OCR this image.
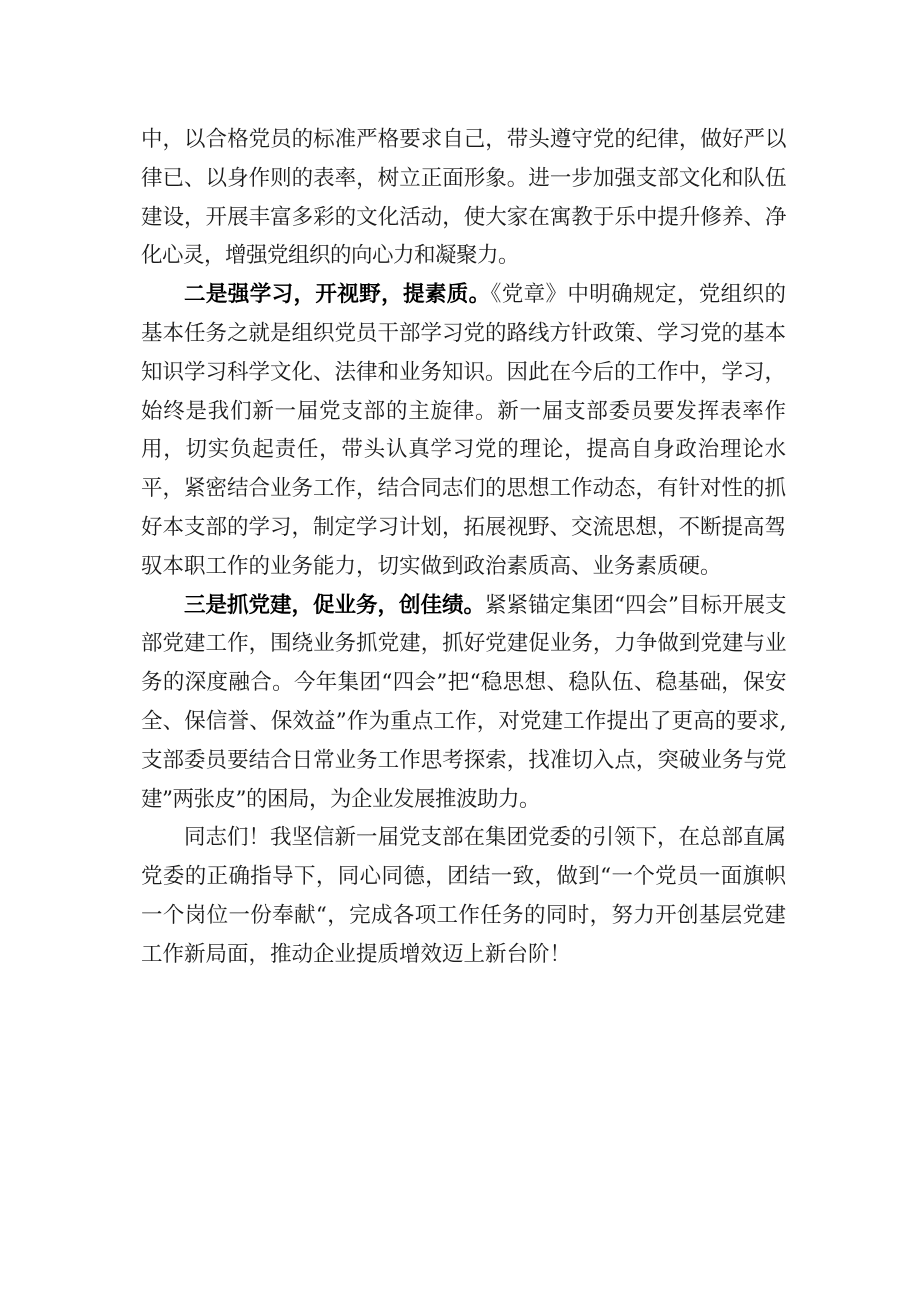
中，以合格党员的标准严格要求自己，带头遵守党的纪律，做好严以律已、以身作则的表率，树立正面形象。进一步加强支部文化和队伍建设，开展丰富多彩的文化活动，使大家在寓教于乐中提升修养、净化心灵，增强党组织的向心力和凝聚力。

二是强学习，开视野，提素质。《党章》中明确规定，党组织的基本任务之就是组织党员干部学习党的路线方针政策、学习党的基本知识学习科学文化、法律和业务知识。因此在今后的工作中，学习，始终是我们新一届党支部的主旋律。新一届支部委员要发挥表率作用，切实负起责任，带头认真学习党的理论，提高自身政治理论水平，紧密结合业务工作，结合同志们的思想工作动态，有针对性的抓好本支部的学习，制定学习计划，拓展视野、交流思想，不断提高驾驭本职工作的业务能力，切实做到政治素质高、业务素质硬。

三是抓党建，促业务，创佳绩。紧紧锚定集团“四会”目标开展支部党建工作，围绕业务抓党建，抓好党建促业务，力争做到党建与业务的深度融合。今年集团“四会”把“稳思想、稳队伍、稳基础，保安全、保信誉、保效益”作为重点工作，对党建工作提出了更高的要求,支部委员要结合日常业务工作思考探索，找准切入点，突破业务与党建”两张皮”的困局，为企业发展推波助力。

同志们！我坚信新一届党支部在集团党委的引领下，在总部直属党委的正确指导下，同心同德，团结一致，做到“一个党员一面旗帜一个岗位一份奉献“，完成各项工作任务的同时，努力开创基层党建工作新局面，推动企业提质增效迈上新台阶！
